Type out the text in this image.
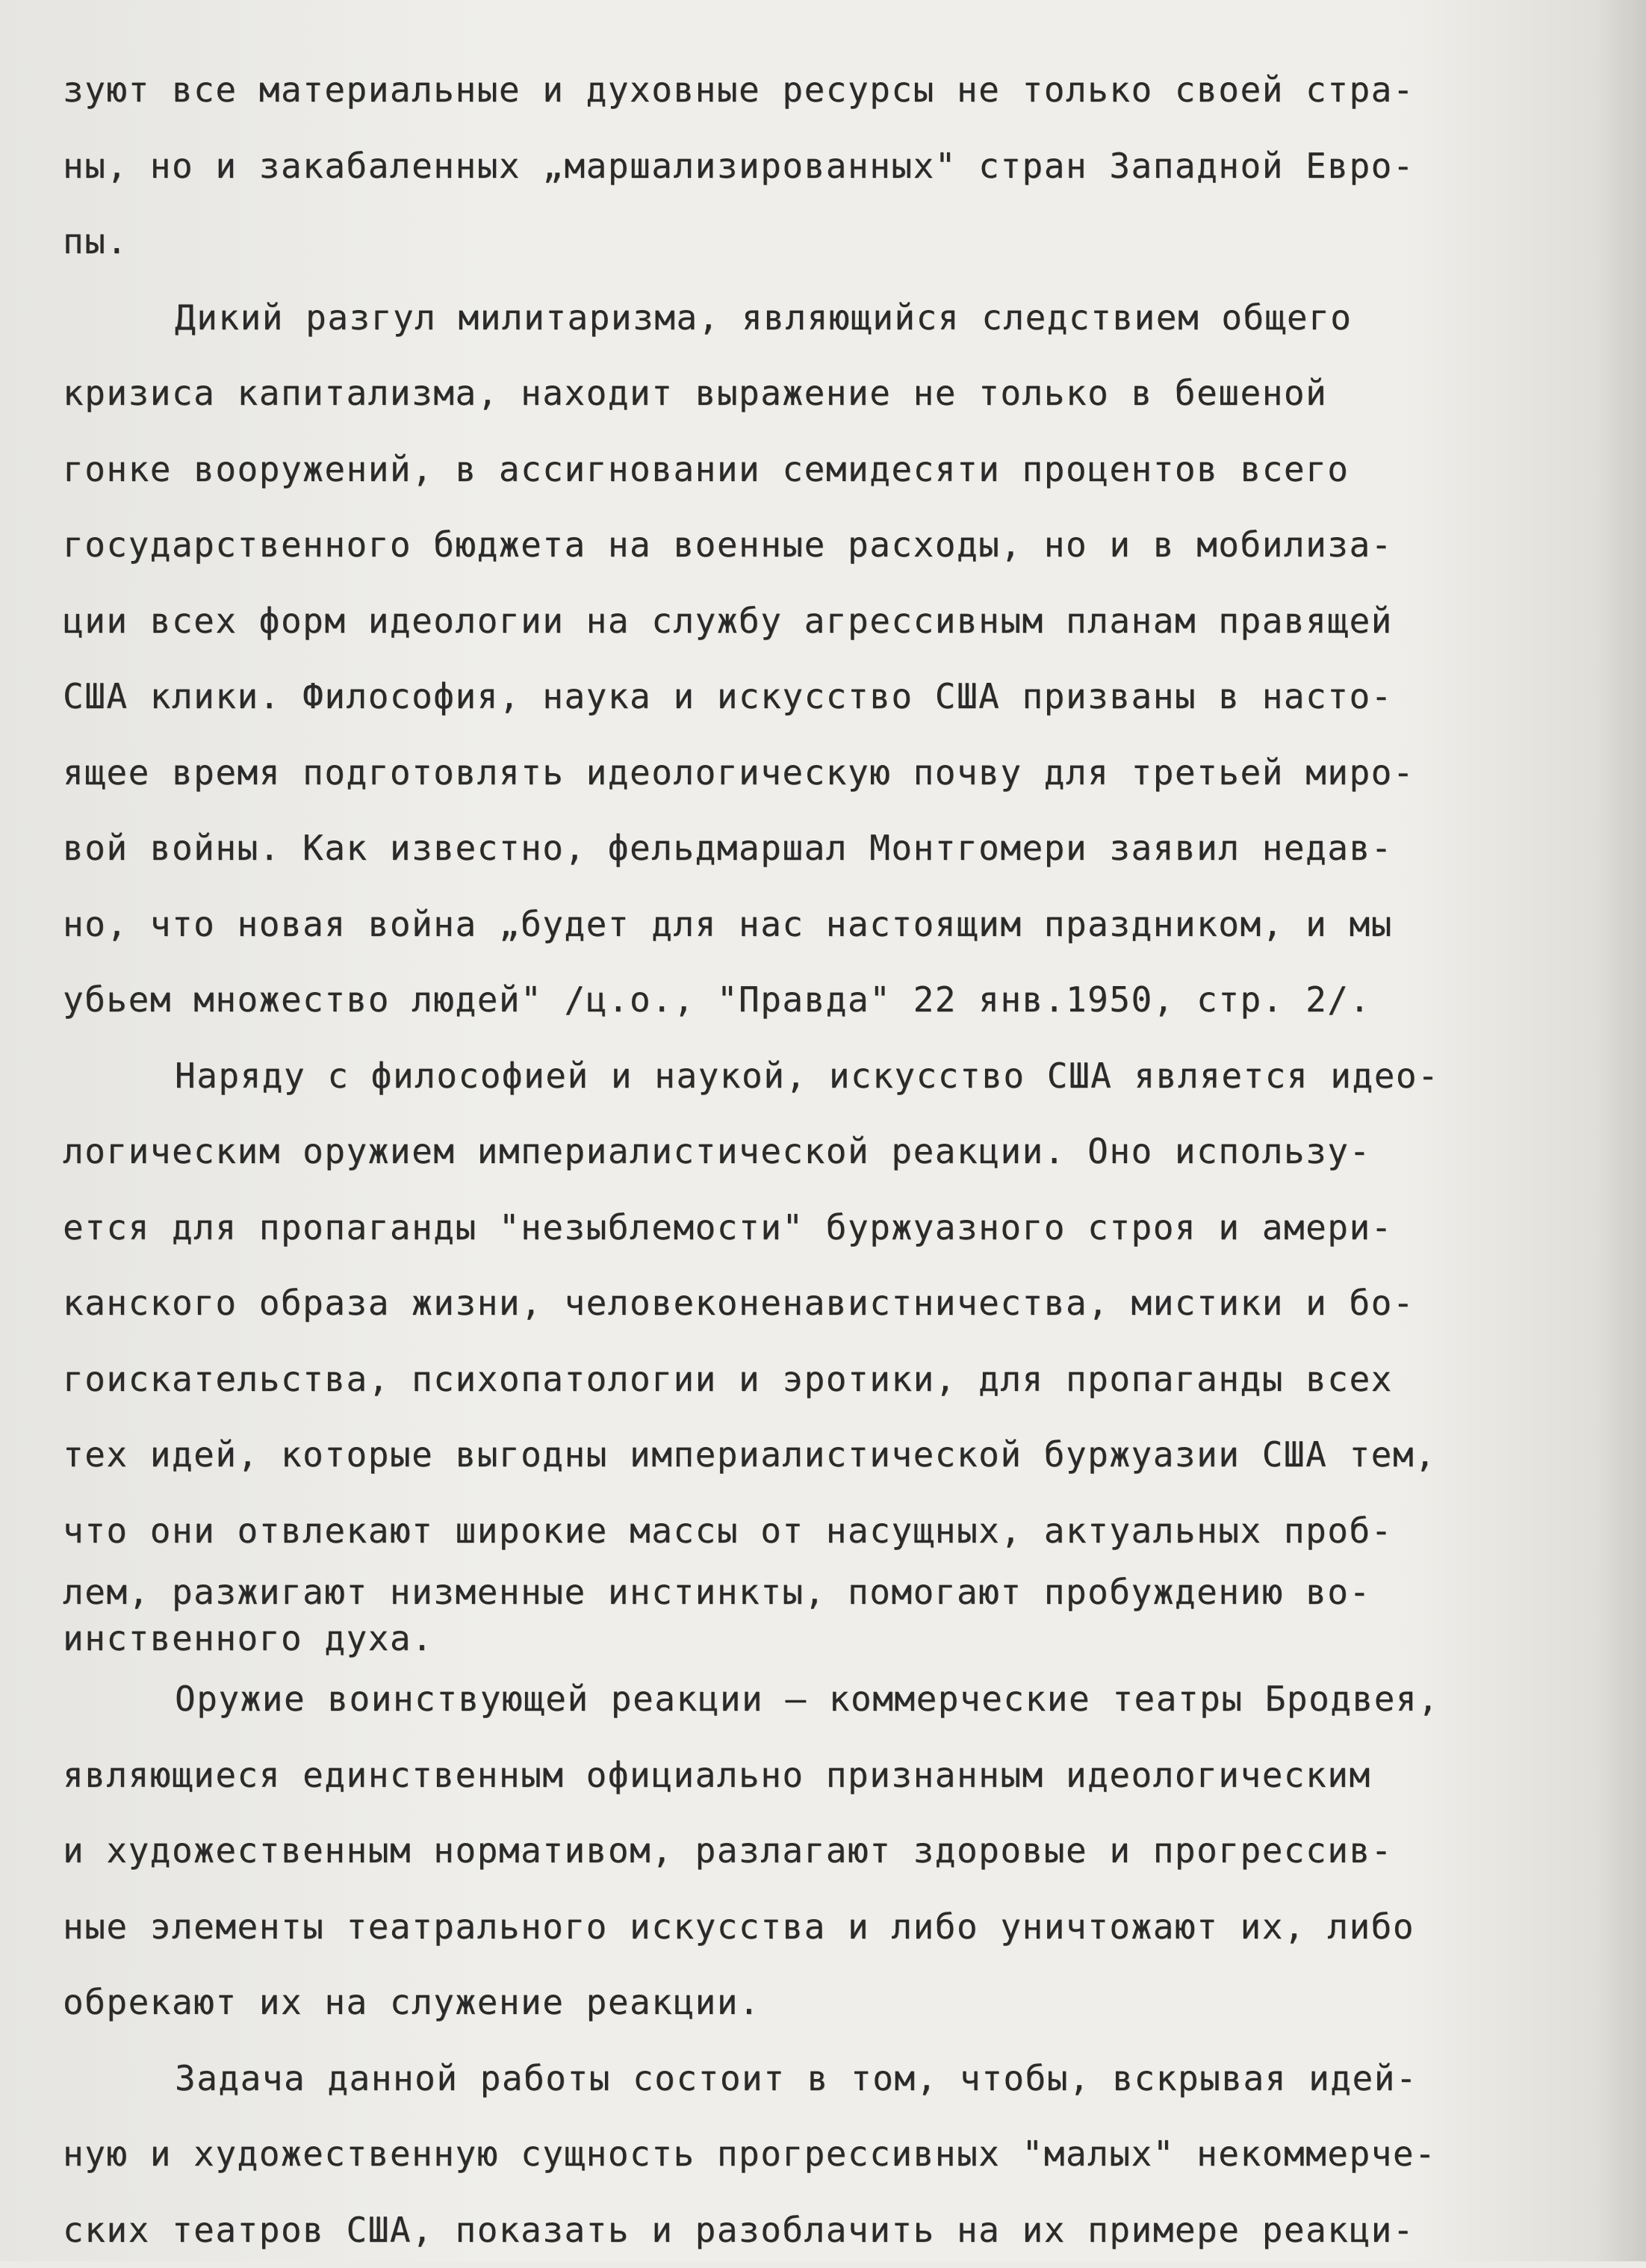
зуют все материальные и духовные ресурсы не только своей стра-
ны, но и закабаленных „маршализированных" стран Западной Евро-
пы.
Дикий разгул милитаризма, являющийся следствием общего
кризиса капитализма, находит выражение не только в бешеной
гонке вооружений, в ассигновании семидесяти процентов всего
государственного бюджета на военные расходы, но и в мобилиза-
ции всех форм идеологии на службу агрессивным планам правящей
США клики. Философия, наука и искусство США призваны в насто-
ящее время подготовлять идеологическую почву для третьей миро-
вой войны. Как известно, фельдмаршал Монтгомери заявил недав-
но, что новая война „будет для нас настоящим праздником, и мы
убьем множество людей" /ц.о., "Правда" 22 янв.1950, стр. 2/.
Наряду с философией и наукой, искусство США является идео-
логическим оружием империалистической реакции. Оно использу-
ется для пропаганды "незыблемости" буржуазного строя и амери-
канского образа жизни, человеконенавистничества, мистики и бо-
гоискательства, психопатологии и эротики, для пропаганды всех
тех идей, которые выгодны империалистической буржуазии США тем,
что они отвлекают широкие массы от насущных, актуальных проб-
лем, разжигают низменные инстинкты, помогают пробуждению во-
инственного духа.
Оружие воинствующей реакции — коммерческие театры Бродвея,
являющиеся единственным официально признанным идеологическим
и художественным нормативом, разлагают здоровые и прогрессив-
ные элементы театрального искусства и либо уничтожают их, либо
обрекают их на служение реакции.
Задача данной работы состоит в том, чтобы, вскрывая идей-
ную и художественную сущность прогрессивных "малых" некоммерче-
ских театров США, показать и разоблачить на их примере реакци-
